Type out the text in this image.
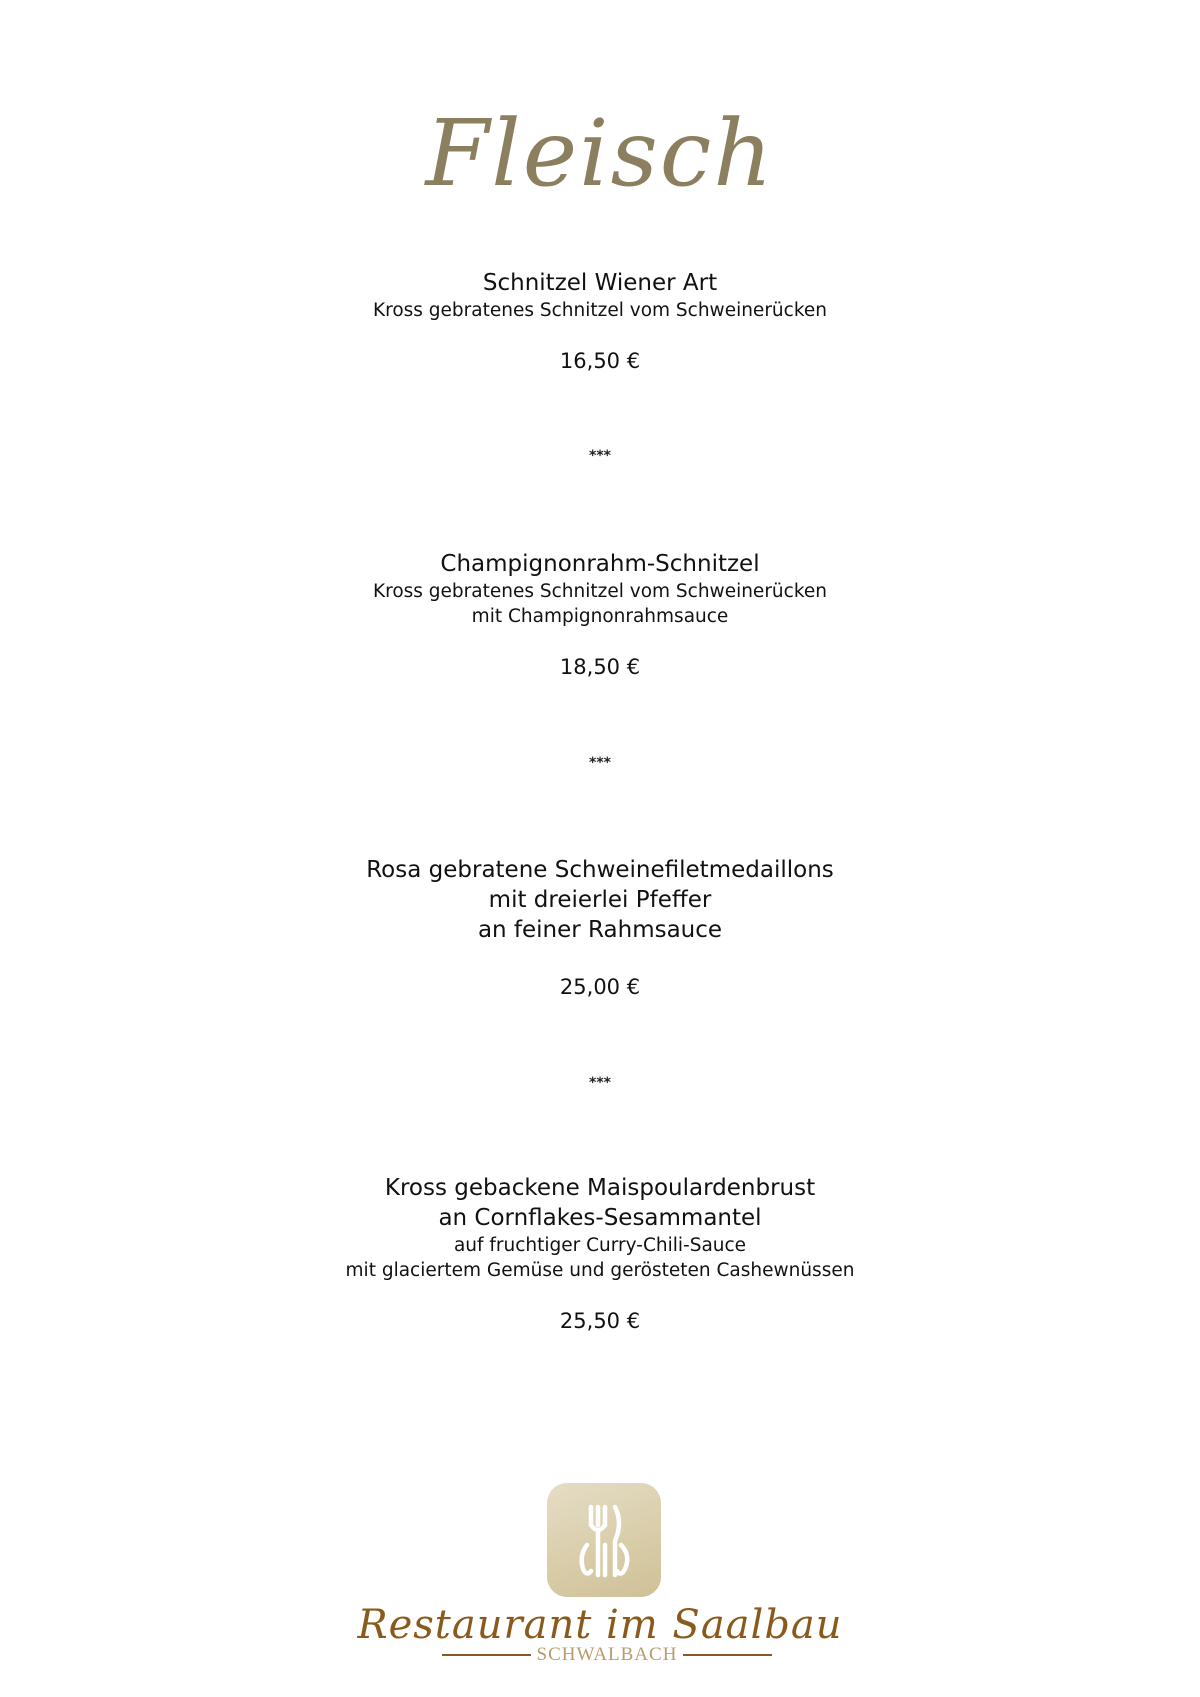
Fleisch
Schnitzel Wiener Art
Kross gebratenes Schnitzel vom Schweinerücken
16,50 €
***
Champignonrahm-Schnitzel
Kross gebratenes Schnitzel vom Schweinerücken
mit Champignonrahmsauce
18,50 €
***
Rosa gebratene Schweinefiletmedaillons
mit dreierlei Pfeffer
an feiner Rahmsauce
25,00 €
***
Kross gebackene Maispoulardenbrust
an Cornflakes-Sesammantel
auf fruchtiger Curry-Chili-Sauce
mit glaciertem Gemüse und gerösteten Cashewnüssen
25,50 €
Restaurant im Saalbau
SCHWALBACH
